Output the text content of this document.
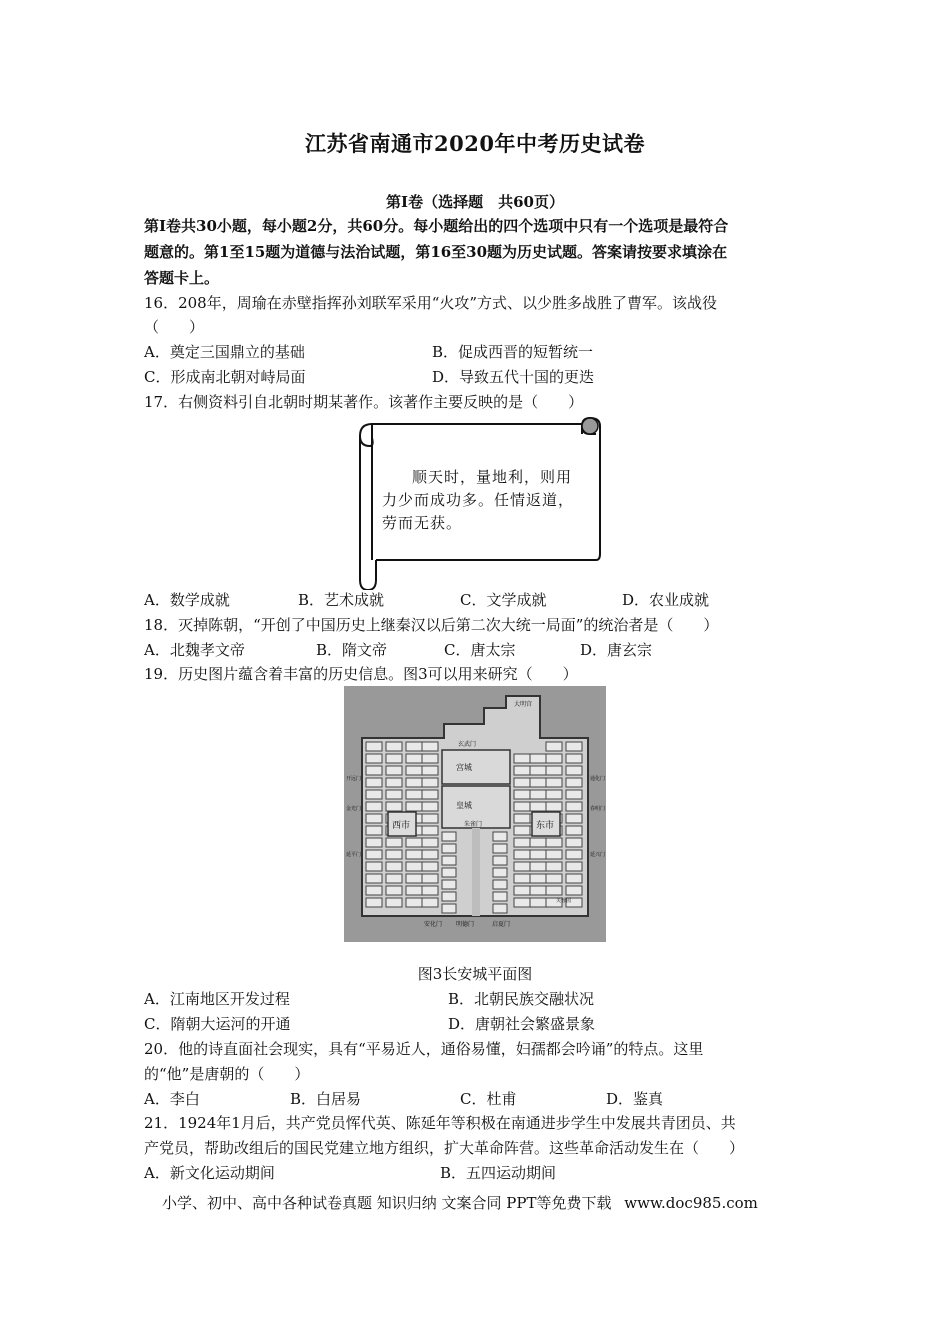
江苏省南通市2020年中考历史试卷
第I卷（选择题　共60页）
第I卷共30小题，每小题2分，共60分。每小题给出的四个选项中只有一个选项是最符合
题意的。第1至15题为道德与法治试题，第16至30题为历史试题。答案请按要求填涂在
答题卡上。
16．208年，周瑜在赤壁指挥孙刘联军采用“火攻”方式、以少胜多战胜了曹军。该战役
（　　）
A．奠定三国鼎立的基础	B．促成西晋的短暂统一
C．形成南北朝对峙局面	D．导致五代十国的更迭
17．右侧资料引自北朝时期某著作。该著作主要反映的是（　　）
顺天时，量地利，则用力少而成功多。任情返道，劳而无获。
A．数学成就	B．艺术成就	C．文学成就	D．农业成就
18．灭掉陈朝，“开创了中国历史上继秦汉以后第二次大统一局面”的统治者是（　　）
A．北魏孝文帝	B．隋文帝	C．唐太宗	D．唐玄宗
19．历史图片蕴含着丰富的历史信息。图3可以用来研究（　　）
大明宫
玄武门
宫城
皇城
朱雀门
西市	东市
明德门
安化门	启夏门
春明门
通化门
金光门
开远门
延平门	延兴门
芙蓉园
图3长安城平面图
A．江南地区开发过程	B．北朝民族交融状况
C．隋朝大运河的开通	D．唐朝社会繁盛景象
20．他的诗直面社会现实，具有“平易近人，通俗易懂，妇孺都会吟诵”的特点。这里
的“他”是唐朝的（　　）
A．李白	B．白居易	C．杜甫	D．鉴真
21．1924年1月后，共产党员恽代英、陈延年等积极在南通进步学生中发展共青团员、共
产党员，帮助改组后的国民党建立地方组织，扩大革命阵营。这些革命活动发生在（　　）
A．新文化运动期间	B．五四运动期间
小学、初中、高中各种试卷真题 知识归纳 文案合同 PPT等免费下载 www.doc985.com
